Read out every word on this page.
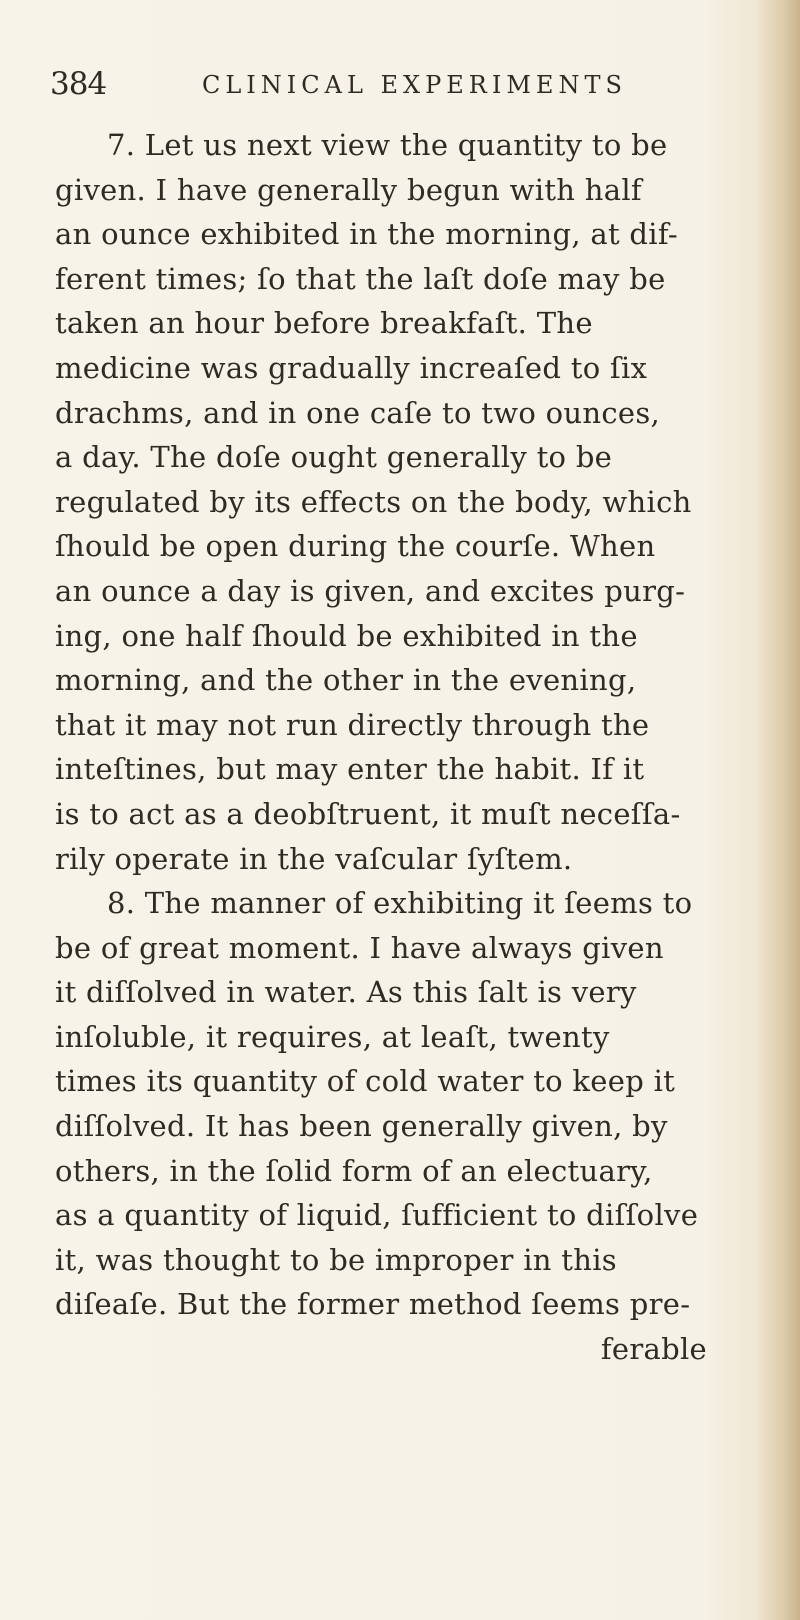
384	CLINICAL EXPERIMENTS
7. Let us next view the quantity to be
given. I have generally begun with half
an ounce exhibited in the morning, at dif-
ferent times; ſo that the laſt doſe may be
taken an hour before breakfaſt. The
medicine was gradually increaſed to ſix
drachms, and in one caſe to two ounces,
a day. The doſe ought generally to be
regulated by its effects on the body, which
ſhould be open during the courſe. When
an ounce a day is given, and excites purg-
ing, one half ſhould be exhibited in the
morning, and the other in the evening,
that it may not run directly through the
inteſtines, but may enter the habit. If it
is to act as a deobſtruent, it muſt neceſſa-
rily operate in the vaſcular ſyſtem.
8. The manner of exhibiting it ſeems to
be of great moment. I have always given
it diſſolved in water. As this ſalt is very
inſoluble, it requires, at leaſt, twenty
times its quantity of cold water to keep it
diſſolved. It has been generally given, by
others, in the ſolid form of an electuary,
as a quantity of liquid, ſufficient to diſſolve
it, was thought to be improper in this
diſeaſe. But the former method ſeems pre-
ferable
